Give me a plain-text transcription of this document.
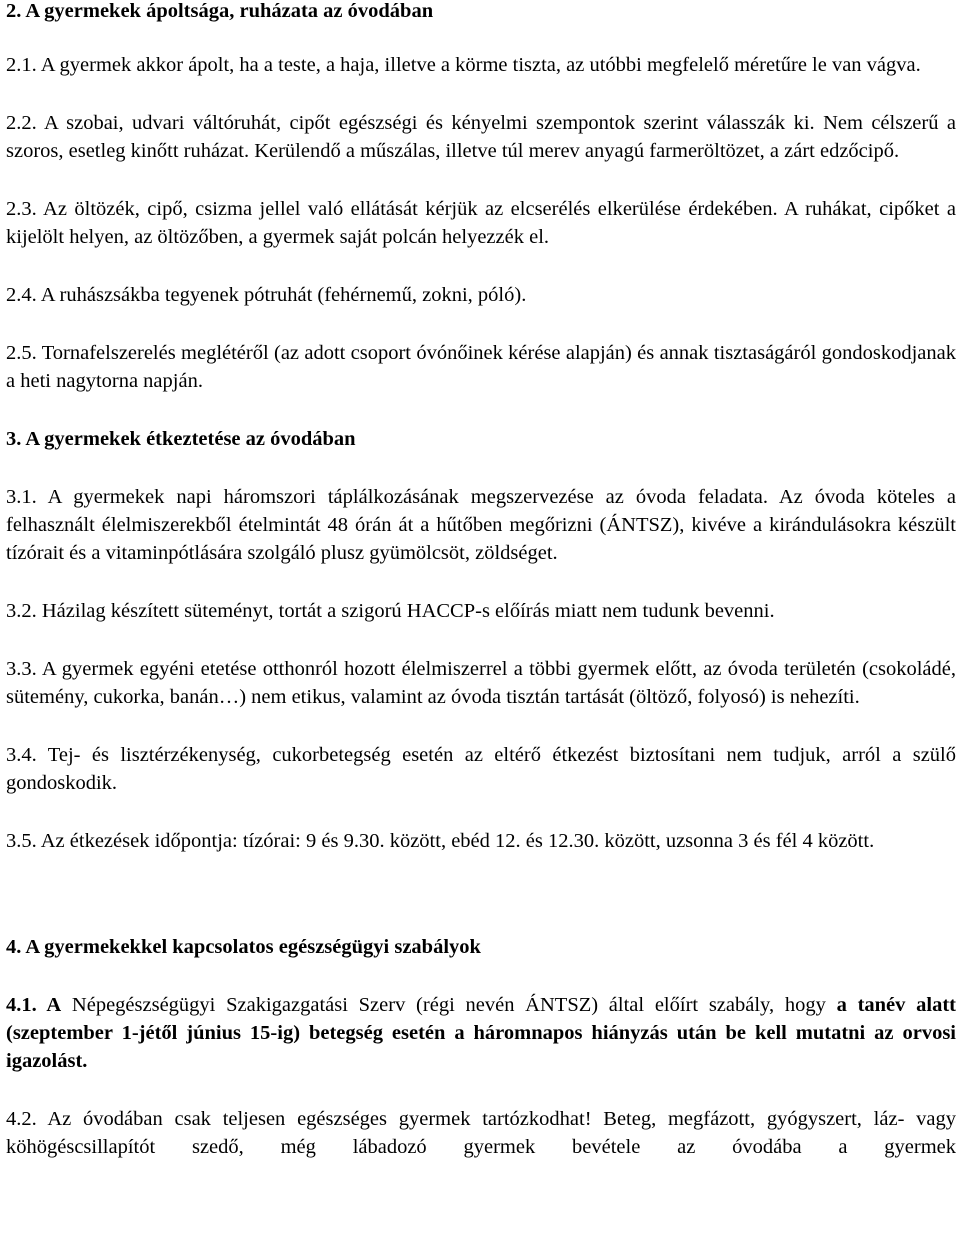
2. A gyermekek ápoltsága, ruházata az óvodában

2.1. A gyermek akkor ápolt, ha a teste, a haja, illetve a körme tiszta, az utóbbi megfelelő méretűre le van vágva.

2.2. A szobai, udvari váltóruhát, cipőt egészségi és kényelmi szempontok szerint válasszák ki. Nem célszerű a szoros, esetleg kinőtt ruházat. Kerülendő a műszálas, illetve túl merev anyagú farmeröltözet, a zárt edzőcipő.

2.3. Az öltözék, cipő, csizma jellel való ellátását kérjük az elcserélés elkerülése érdekében. A ruhákat, cipőket a kijelölt helyen, az öltözőben, a gyermek saját polcán helyezzék el.

2.4. A ruhászsákba tegyenek pótruhát (fehérnemű, zokni, póló).

2.5. Tornafelszerelés meglétéről (az adott csoport óvónőinek kérése alapján) és annak tisztaságáról gondoskodjanak a heti nagytorna napján.

3. A gyermekek étkeztetése az óvodában

3.1. A gyermekek napi háromszori táplálkozásának megszervezése az óvoda feladata. Az óvoda köteles a felhasznált élelmiszerekből ételmintát 48 órán át a hűtőben megőrizni (ÁNTSZ), kivéve a kirándulásokra készült tízórait és a vitaminpótlására szolgáló plusz gyümölcsöt, zöldséget.

3.2. Házilag készített süteményt, tortát a szigorú HACCP-s előírás miatt nem tudunk bevenni.

3.3. A gyermek egyéni etetése otthonról hozott élelmiszerrel a többi gyermek előtt, az óvoda területén (csokoládé, sütemény, cukorka, banán…) nem etikus, valamint az óvoda tisztán tartását (öltöző, folyosó) is nehezíti.

3.4. Tej- és lisztérzékenység, cukorbetegség esetén az eltérő étkezést biztosítani nem tudjuk, arról a szülő gondoskodik.

3.5. Az étkezések időpontja: tízórai: 9 és 9.30. között, ebéd 12. és 12.30. között, uzsonna 3 és fél 4 között.

4. A gyermekekkel kapcsolatos egészségügyi szabályok

4.1. A Népegészségügyi Szakigazgatási Szerv (régi nevén ÁNTSZ) által előírt szabály, hogy a tanév alatt (szeptember 1-jétől június 15-ig) betegség esetén a háromnapos hiányzás után be kell mutatni az orvosi igazolást.

4.2. Az óvodában csak teljesen egészséges gyermek tartózkodhat! Beteg, megfázott, gyógyszert, láz- vagy köhögéscsillapítót szedő, még lábadozó gyermek bevétele az óvodába a gyermek
